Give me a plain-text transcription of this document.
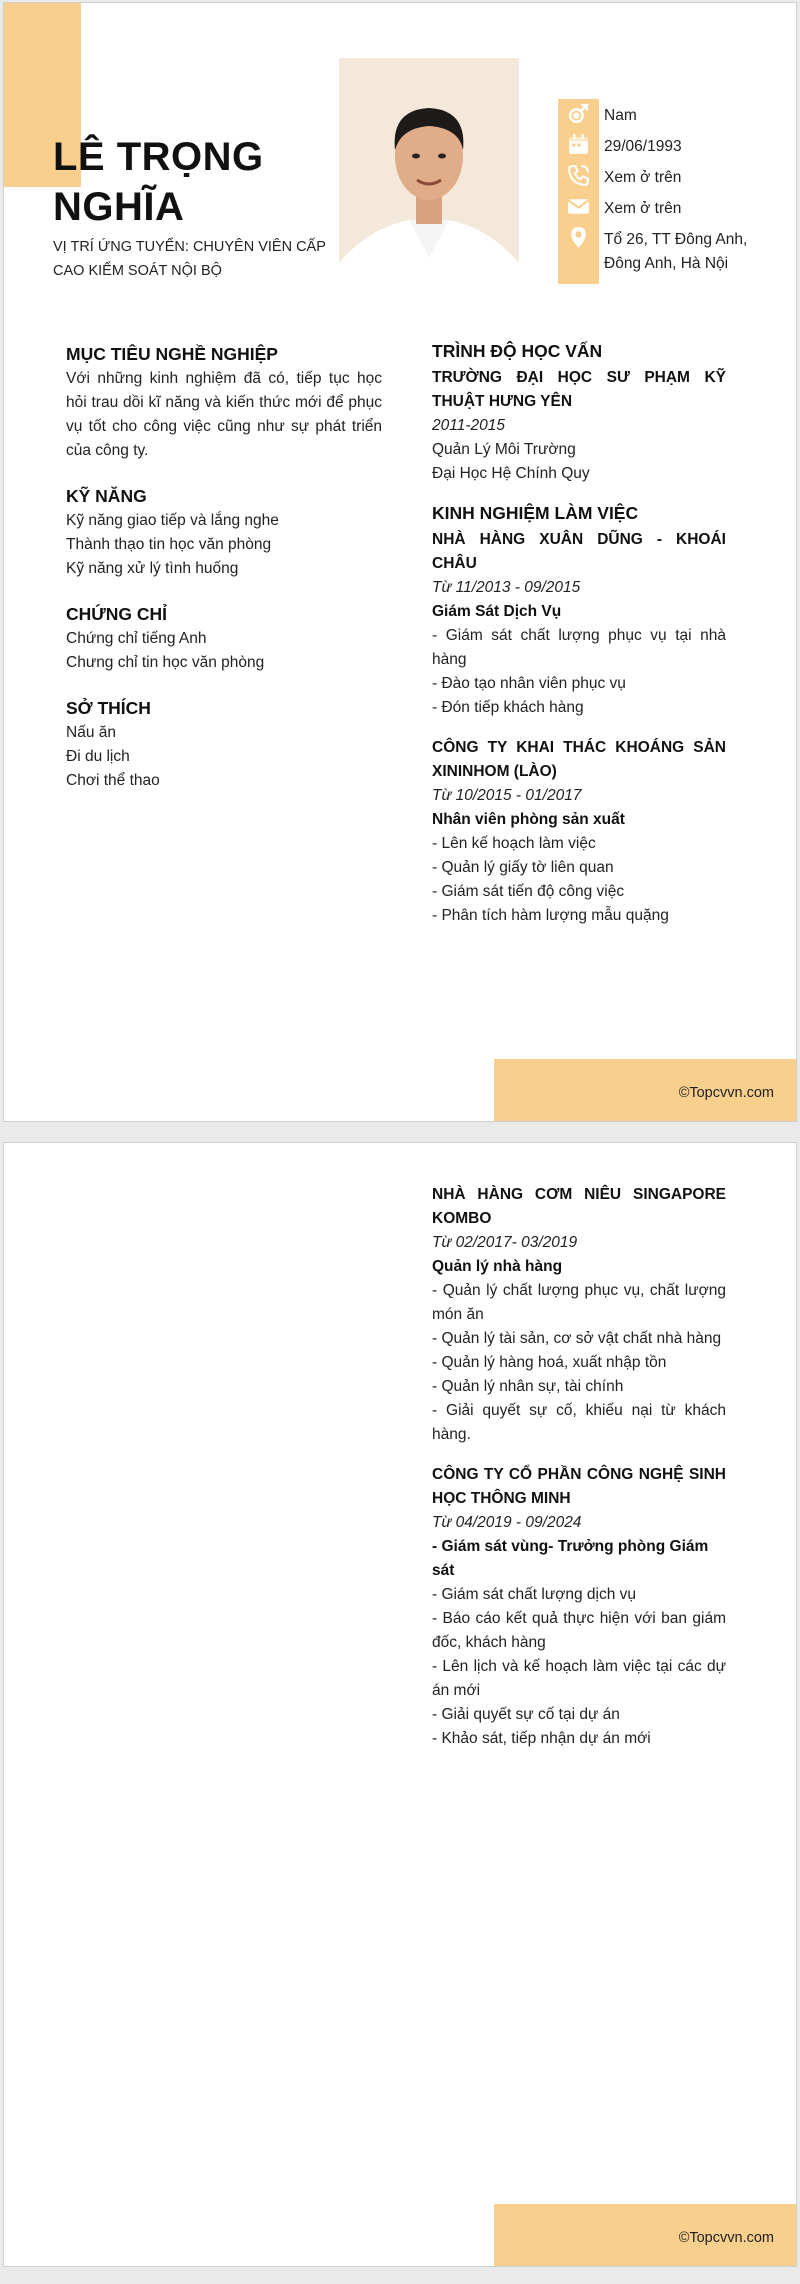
LÊ TRỌNG
NGHĨA
VỊ TRÍ ỨNG TUYỂN: CHUYÊN VIÊN CẤP CAO KIỂM SOÁT NỘI BỘ
Nam
29/06/1993
Xem ở trên
Xem ở trên
Tổ 26, TT Đông Anh, Đông Anh, Hà Nội
MỤC TIÊU NGHỀ NGHIỆP
Với những kinh nghiệm đã có, tiếp tục học hỏi trau dồi kĩ năng và kiến thức mới để phục vụ tốt cho công việc cũng như sự phát triển của công ty.
KỸ NĂNG
Kỹ năng giao tiếp và lắng nghe
Thành thạo tin học văn phòng
Kỹ năng xử lý tình huống
CHỨNG CHỈ
Chứng chỉ tiếng Anh
Chưng chỉ tin học văn phòng
SỞ THÍCH
Nấu ăn
Đi du lịch
Chơi thể thao
TRÌNH ĐỘ HỌC VẤN
TRƯỜNG ĐẠI HỌC SƯ PHẠM KỸ THUẬT HƯNG YÊN
2011-2015
Quản Lý Môi Trường
Đại Học Hệ Chính Quy
KINH NGHIỆM LÀM VIỆC
NHÀ HÀNG XUÂN DŨNG - KHOÁI CHÂU
Từ 11/2013 - 09/2015
Giám Sát Dịch Vụ
- Giám sát chất lượng phục vụ tại nhà hàng
- Đào tạo nhân viên phục vụ
- Đón tiếp khách hàng
CÔNG TY KHAI THÁC KHOÁNG SẢN XININHOM (LÀO)
Từ 10/2015 - 01/2017
Nhân viên phòng sản xuất
- Lên kế hoạch làm việc
- Quản lý giấy tờ liên quan
- Giám sát tiến độ công việc
- Phân tích hàm lượng mẫu quặng
©Topcvvn.com
NHÀ HÀNG CƠM NIÊU SINGAPORE KOMBO
Từ 02/2017- 03/2019
Quản lý nhà hàng
- Quản lý chất lượng phục vụ, chất lượng món ăn
- Quản lý tài sản, cơ sở vật chất nhà hàng
- Quản lý hàng hoá, xuất nhập tồn
- Quản lý nhân sự, tài chính
- Giải quyết sự cố, khiếu nại từ khách hàng.
CÔNG TY CỔ PHẦN CÔNG NGHỆ SINH HỌC THÔNG MINH
Từ 04/2019 - 09/2024
- Giám sát vùng- Trưởng phòng Giám sát
- Giám sát chất lượng dịch vụ
- Báo cáo kết quả thực hiện với ban giám đốc, khách hàng
- Lên lịch và kế hoạch làm việc tại các dự án mới
- Giải quyết sự cố tại dự án
- Khảo sát, tiếp nhận dự án mới
©Topcvvn.com
